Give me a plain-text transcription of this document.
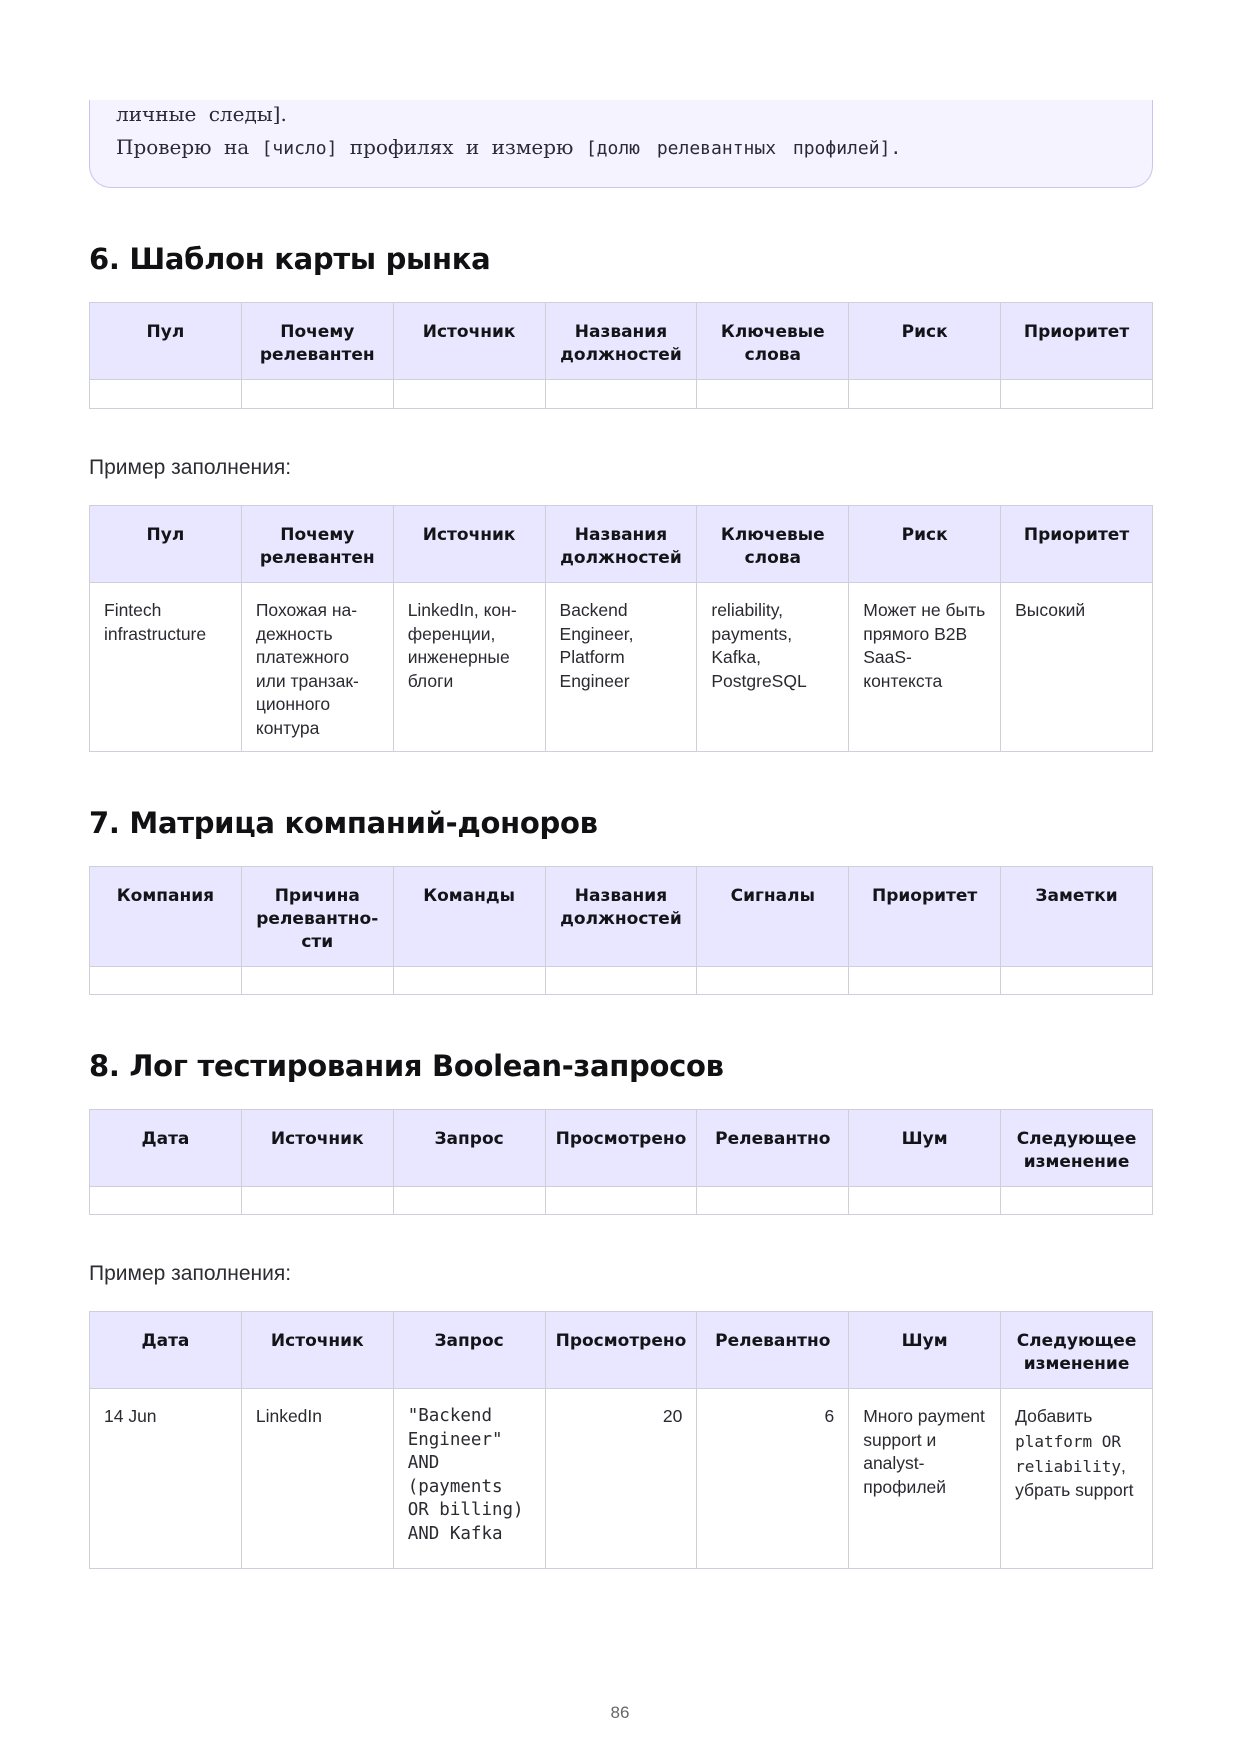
личные следы].
Проверю на [число] профилях и измерю [долю релевантных профилей].
6. Шаблон карты рынка
Пул	Почему релевантен	Источник	Названия должностей	Ключевые слова	Риск	Приоритет

Пример заполнения:

Пул	Почему релевантен	Источник	Названия должностей	Ключевые слова	Риск	Приоритет
Fintech infrastructure	Похожая надежность платежного или транзакционного контура	LinkedIn, конференции, инженерные блоги	Backend Engineer, Platform Engineer	reliability, payments, Kafka, PostgreSQL	Может не быть прямого B2B SaaS-контекста	Высокий
7. Матрица компаний-доноров
Компания	Причина релевантности	Команды	Названия должностей	Сигналы	Приоритет	Заметки

8. Лог тестирования Boolean-запросов
Дата	Источник	Запрос	Просмотрено	Релевантно	Шум	Следующее изменение

Пример заполнения:

Дата	Источник	Запрос	Просмотрено	Релевантно	Шум	Следующее изменение
14 Jun	LinkedIn	"Backend Engineer" AND (payments OR billing) AND Kafka	20	6	Много payment support и analyst-профилей	Добавить platform OR reliability, убрать support
86
